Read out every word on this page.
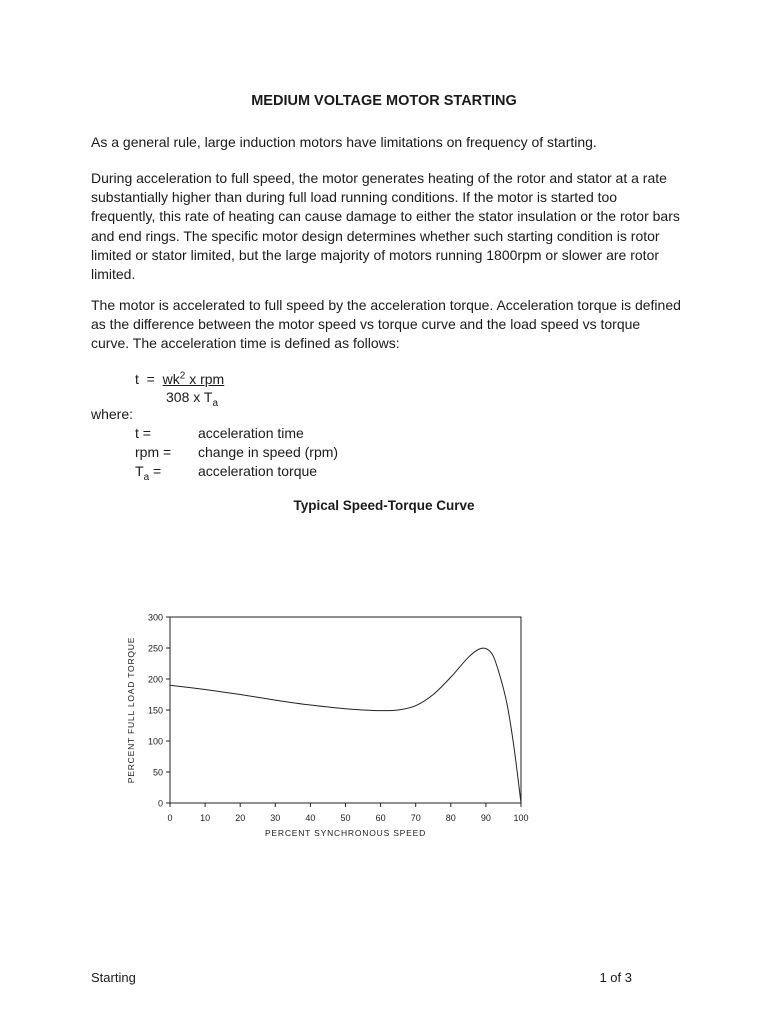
MEDIUM VOLTAGE MOTOR STARTING

As a general rule, large induction motors have limitations on frequency of starting.

During acceleration to full speed, the motor generates heating of the rotor and stator at a rate substantially higher than during full load running conditions. If the motor is started too frequently, this rate of heating can cause damage to either the stator insulation or the rotor bars and end rings. The specific motor design determines whether such starting condition is rotor limited or stator limited, but the large majority of motors running 1800rpm or slower are rotor limited.

The motor is accelerated to full speed by the acceleration torque. Acceleration torque is defined as the difference between the motor speed vs torque curve and the load speed vs torque curve. The acceleration time is defined as follows:

$t = wk^2$ x rpm
308 x $T_a$
where:
t =	acceleration time
rpm =	change in speed (rpm)
$T_a$ =	acceleration torque
Typical Speed-Torque Curve
0
50
100
150
200
250
300
0	10	20	30	40	50	60	70	80	90	100
PERCENT SYNCHRONOUS SPEED
PERCENT FULL LOAD TORQUE
Starting	1 of 3
